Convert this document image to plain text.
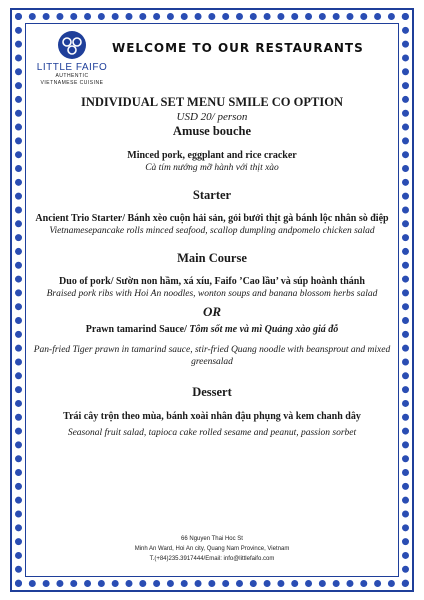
LITTLE FAIFO
AUTHENTIC
VIETNAMESE CUISINE
WELCOME TO OUR RESTAURANTS
INDIVIDUAL SET MENU SMILE CO OPTION
USD 20/ person
Amuse bouche
Minced pork, eggplant and rice cracker
Cà tím nướng mỡ hành với thịt xào
Starter
Ancient Trio Starter/ Bánh xèo cuộn hải sản, gỏi bưởi thịt gà bánh lộc nhân sò điệp
Vietnamesepancake rolls minced seafood, scallop dumpling andpomelo chicken salad
Main Course
Duo of pork/ Sườn non hầm, xá xíu, Faifo ’Cao lầu’ và súp hoành thánh
Braised pork ribs with Hoi An noodles, wonton soups and banana blossom herbs salad
OR
Prawn tamarind Sauce/ Tôm sốt me và mì Quảng xào giá đỗ
Pan-fried Tiger prawn in tamarind sauce, stir-fried Quang noodle with beansprout and mixed greensalad
Dessert
Trái cây trộn theo mùa, bánh xoài nhân đậu phụng và kem chanh dây
Seasonal fruit salad, tapioca cake rolled sesame and peanut, passion sorbet
66 Nguyen Thai Hoc St
Minh An Ward, Hoi An city, Quang Nam Province, Vietnam
T.(+84)235.3917444/Email: info@littlefaifo.com
